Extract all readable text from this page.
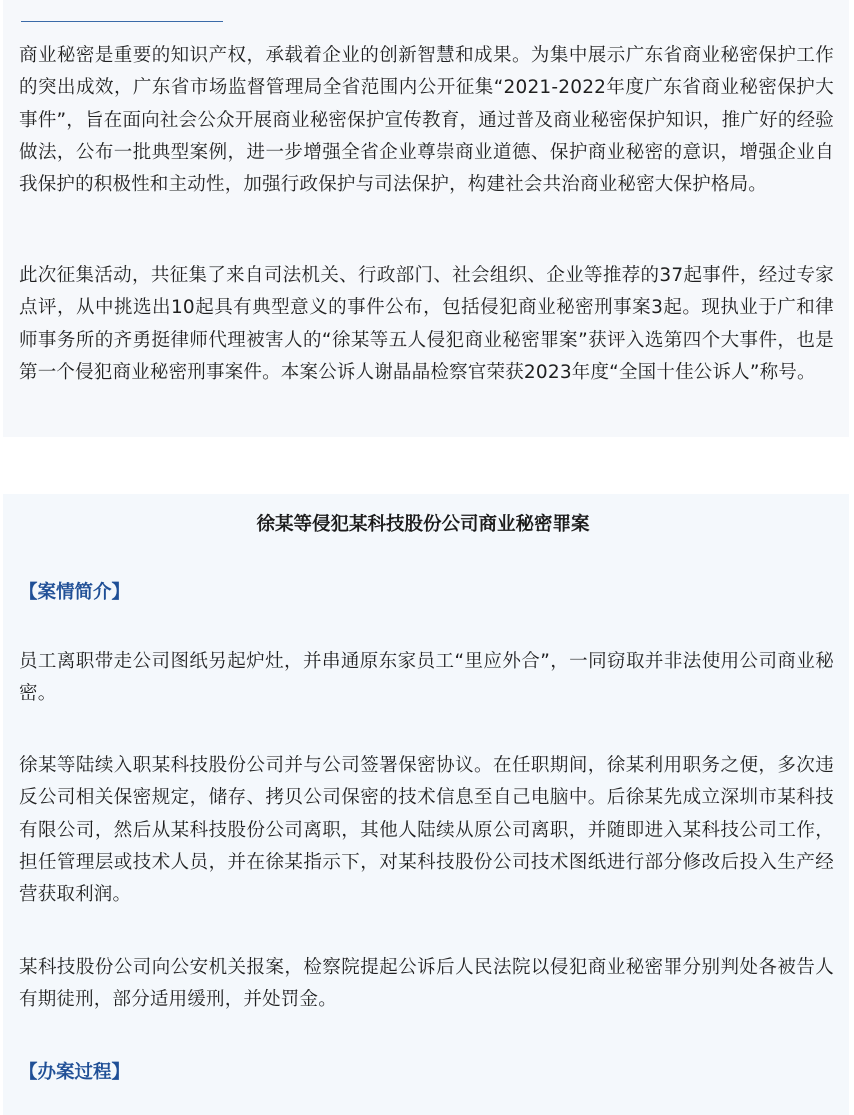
商业秘密是重要的知识产权，承载着企业的创新智慧和成果。为集中展示广东省商业秘密保护工作的突出成效，广东省市场监督管理局全省范围内公开征集“2021-2022年度广东省商业秘密保护大事件”，旨在面向社会公众开展商业秘密保护宣传教育，通过普及商业秘密保护知识，推广好的经验做法，公布一批典型案例，进一步增强全省企业尊崇商业道德、保护商业秘密的意识，增强企业自我保护的积极性和主动性，加强行政保护与司法保护，构建社会共治商业秘密大保护格局。

此次征集活动，共征集了来自司法机关、行政部门、社会组织、企业等推荐的37起事件，经过专家点评，从中挑选出10起具有典型意义的事件公布，包括侵犯商业秘密刑事案3起。现执业于广和律师事务所的齐勇挺律师代理被害人的“徐某等五人侵犯商业秘密罪案”获评入选第四个大事件，也是第一个侵犯商业秘密刑事案件。本案公诉人谢晶晶检察官荣获2023年度“全国十佳公诉人”称号。

徐某等侵犯某科技股份公司商业秘密罪案
【案情简介】

员工离职带走公司图纸另起炉灶，并串通原东家员工“里应外合”，一同窃取并非法使用公司商业秘密。

徐某等陆续入职某科技股份公司并与公司签署保密协议。在任职期间，徐某利用职务之便，多次违反公司相关保密规定，储存、拷贝公司保密的技术信息至自己电脑中。后徐某先成立深圳市某科技有限公司，然后从某科技股份公司离职，其他人陆续从原公司离职，并随即进入某科技公司工作，担任管理层或技术人员，并在徐某指示下，对某科技股份公司技术图纸进行部分修改后投入生产经营获取利润。

某科技股份公司向公安机关报案，检察院提起公诉后人民法院以侵犯商业秘密罪分别判处各被告人有期徒刑，部分适用缓刑，并处罚金。

【办案过程】
